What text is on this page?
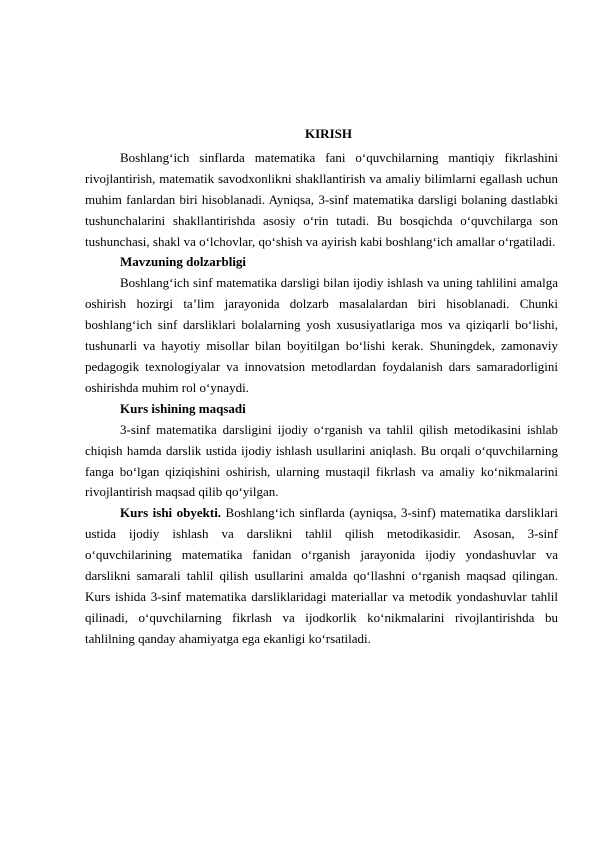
KIRISH

Boshlang‘ich sinflarda matematika fani o‘quvchilarning mantiqiy fikrlashini rivojlantirish, matematik savodxonlikni shakllantirish va amaliy bilimlarni egallash uchun muhim fanlardan biri hisoblanadi. Ayniqsa, 3-sinf matematika darsligi bolaning dastlabki tushunchalarini shakllantirishda asosiy o‘rin tutadi. Bu bosqichda o‘quvchilarga son tushunchasi, shakl va o‘lchovlar, qo‘shish va ayirish kabi boshlang‘ich amallar o‘rgatiladi.

Mavzuning dolzarbligi

Boshlang‘ich sinf matematika darsligi bilan ijodiy ishlash va uning tahlilini amalga oshirish hozirgi ta’lim jarayonida dolzarb masalalardan biri hisoblanadi. Chunki boshlang‘ich sinf darsliklari bolalarning yosh xususiyatlariga mos va qiziqarli bo‘lishi, tushunarli va hayotiy misollar bilan boyitilgan bo‘lishi kerak. Shuningdek, zamonaviy pedagogik texnologiyalar va innovatsion metodlardan foydalanish dars samaradorligini oshirishda muhim rol o‘ynaydi.

Kurs ishining maqsadi

3-sinf matematika darsligini ijodiy o‘rganish va tahlil qilish metodikasini ishlab chiqish hamda darslik ustida ijodiy ishlash usullarini aniqlash. Bu orqali o‘quvchilarning fanga bo‘lgan qiziqishini oshirish, ularning mustaqil fikrlash va amaliy ko‘nikmalarini rivojlantirish maqsad qilib qo‘yilgan.

Kurs ishi obyekti. Boshlang‘ich sinflarda (ayniqsa, 3-sinf) matematika darsliklari ustida ijodiy ishlash va darslikni tahlil qilish metodikasidir. Asosan, 3-sinf o‘quvchilarining matematika fanidan o‘rganish jarayonida ijodiy yondashuvlar va darslikni samarali tahlil qilish usullarini amalda qo‘llashni o‘rganish maqsad qilingan. Kurs ishida 3-sinf matematika darsliklaridagi materiallar va metodik yondashuvlar tahlil qilinadi, o‘quvchilarning fikrlash va ijodkorlik ko‘nikmalarini rivojlantirishda bu tahlilning qanday ahamiyatga ega ekanligi ko‘rsatiladi.
